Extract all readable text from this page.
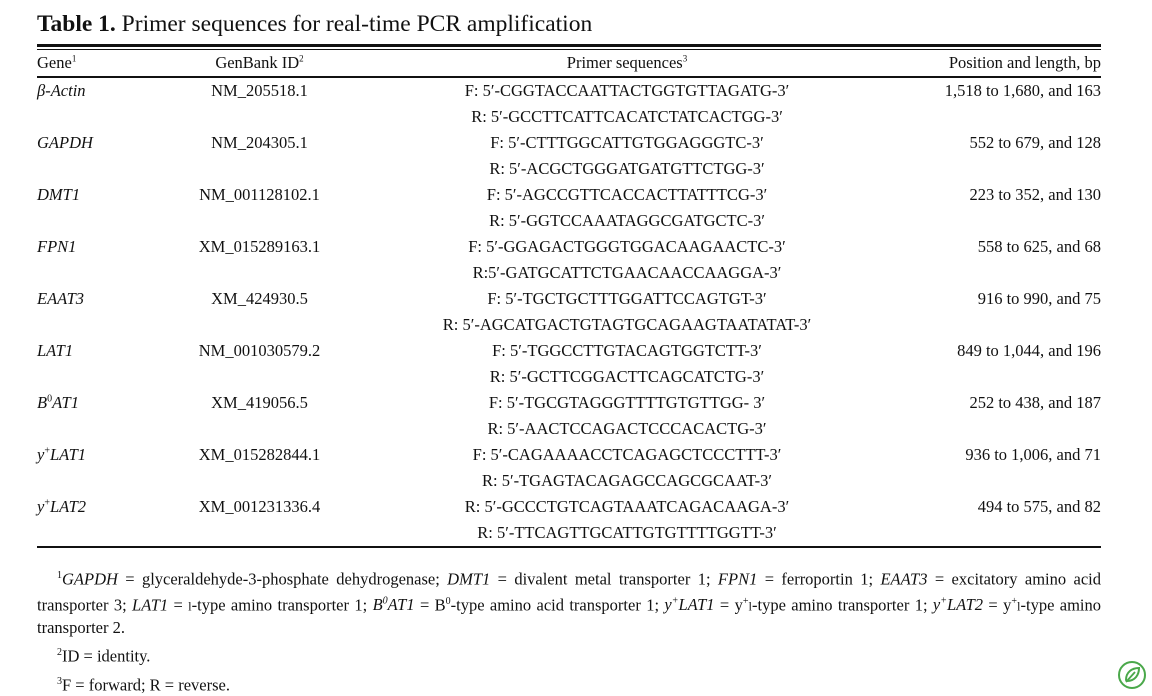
Table 1. Primer sequences for real-time PCR amplification
Gene$^1$	GenBank $ID^2$	Primer sequences$^3$	Position and length, bp
β-Actin	NM_205518.1	F: 5′-CGGTACCAATTACTGGTGTTAGATG-3′	1,518 to 1,680, and 163
		R: 5′-GCCTTCATTCACATCTATCACTGG-3′	
GAPDH	NM_204305.1	F: 5′-CTTTGGCATTGTGGAGGGTC-3′	552 to 679, and 128
		R: 5′-ACGCTGGGATGATGTTCTGG-3′	
DMT1	NM_001128102.1	F: 5′-AGCCGTTCACCACTTATTTCG-3′	223 to 352, and 130
		R: 5′-GGTCCAAATAGGCGATGCTC-3′	
FPN1	XM_015289163.1	F: 5′-GGAGACTGGGTGGACAAGAACTC-3′	558 to 625, and 68
		R:5′-GATGCATTCTGAACAACCAAGGA-3′	
EAAT3	XM_424930.5	F: 5′-TGCTGCTTTGGATTCCAGTGT-3′	916 to 990, and 75
		R: 5′-AGCATGACTGTAGTGCAGAAGTAATATAT-3′	
LAT1	NM_001030579.2	F: 5′-TGGCCTTGTACAGTGGTCTT-3′	849 to 1,044, and 196
		R: 5′-GCTTCGGACTTCAGCATCTG-3′	
$B^0AT1$	XM_419056.5	F: 5′-TGCGTAGGGTTTTGTGTTGG- 3′	252 to 438, and 187
		R: 5′-AACTCCAGACTCCCACACTG-3′	
y+LAT1	XM_015282844.1	F: 5′-CAGAAAACCTCAGAGCTCCCTTT-3′	936 to 1,006, and 71
		R: 5′-TGAGTACAGAGCCAGCGCAAT-3′	
y+LAT2	XM_001231336.4	R: 5′-GCCCTGTCAGTAAATCAGACAAGA-3′	494 to 575, and 82
		R: 5′-TTCAGTTGCATTGTGTTTTGGTT-3′	

$^1$GAPDH = glyceraldehyde-3-phosphate dehydrogenase; DMT1 = divalent metal transporter 1; FPN1 = ferroportin 1; EAAT3 = excitatory amino acid transporter 3; LAT1 = l-type amino transporter 1; $B^0AT1$ = $B^0$-type amino acid transporter 1; y+LAT1 = y+l-type amino transporter 1; y+LAT2 = y+l-type amino transporter 2.

$^2$ID = identity.

$^3$F = forward; R = reverse.
